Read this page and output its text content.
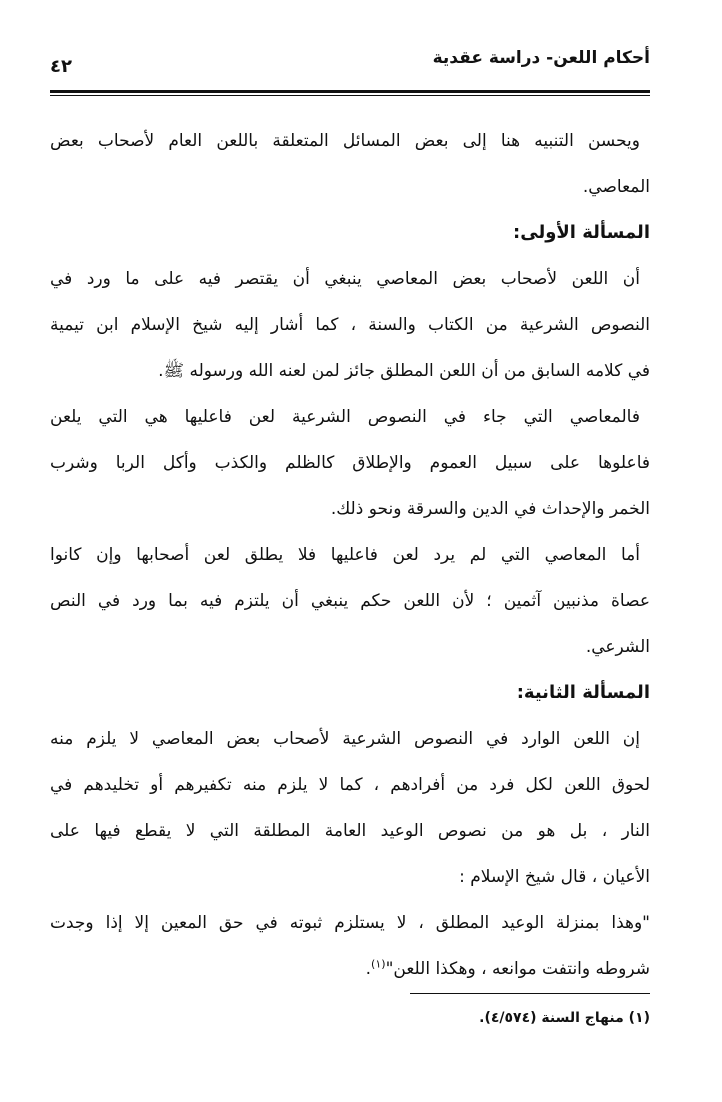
أحكام اللعن- دراسة عقدية
٤٢
ويحسن التنبيه هنا إلى بعض المسائل المتعلقة باللعن العام لأصحاب بعض
المعاصي.
المسألة الأولى:
أن اللعن لأصحاب بعض المعاصي ينبغي أن يقتصر فيه على ما ورد في
النصوص الشرعية من الكتاب والسنة ، كما أشار إليه شيخ الإسلام ابن تيمية
في كلامه السابق من أن اللعن المطلق جائز لمن لعنه الله ورسوله ﷺ.
فالمعاصي التي جاء في النصوص الشرعية لعن فاعليها هي التي يلعن
فاعلوها على سبيل العموم والإطلاق كالظلم والكذب وأكل الربا وشرب
الخمر والإحداث في الدين والسرقة ونحو ذلك.
أما المعاصي التي لم يرد لعن فاعليها فلا يطلق لعن أصحابها وإن كانوا
عصاة مذنبين آثمين ؛ لأن اللعن حكم ينبغي أن يلتزم فيه بما ورد في النص
الشرعي.
المسألة الثانية:
إن اللعن الوارد في النصوص الشرعية لأصحاب بعض المعاصي لا يلزم منه
لحوق اللعن لكل فرد من أفرادهم ، كما لا يلزم منه تكفيرهم أو تخليدهم في
النار ، بل هو من نصوص الوعيد العامة المطلقة التي لا يقطع فيها على
الأعيان ، قال شيخ الإسلام :
"وهذا بمنزلة الوعيد المطلق ، لا يستلزم ثبوته في حق المعين إلا إذا وجدت
شروطه وانتفت موانعه ، وهكذا اللعن"$^{(١)}$.
(١) منهاج السنة (٤/٥٧٤).
